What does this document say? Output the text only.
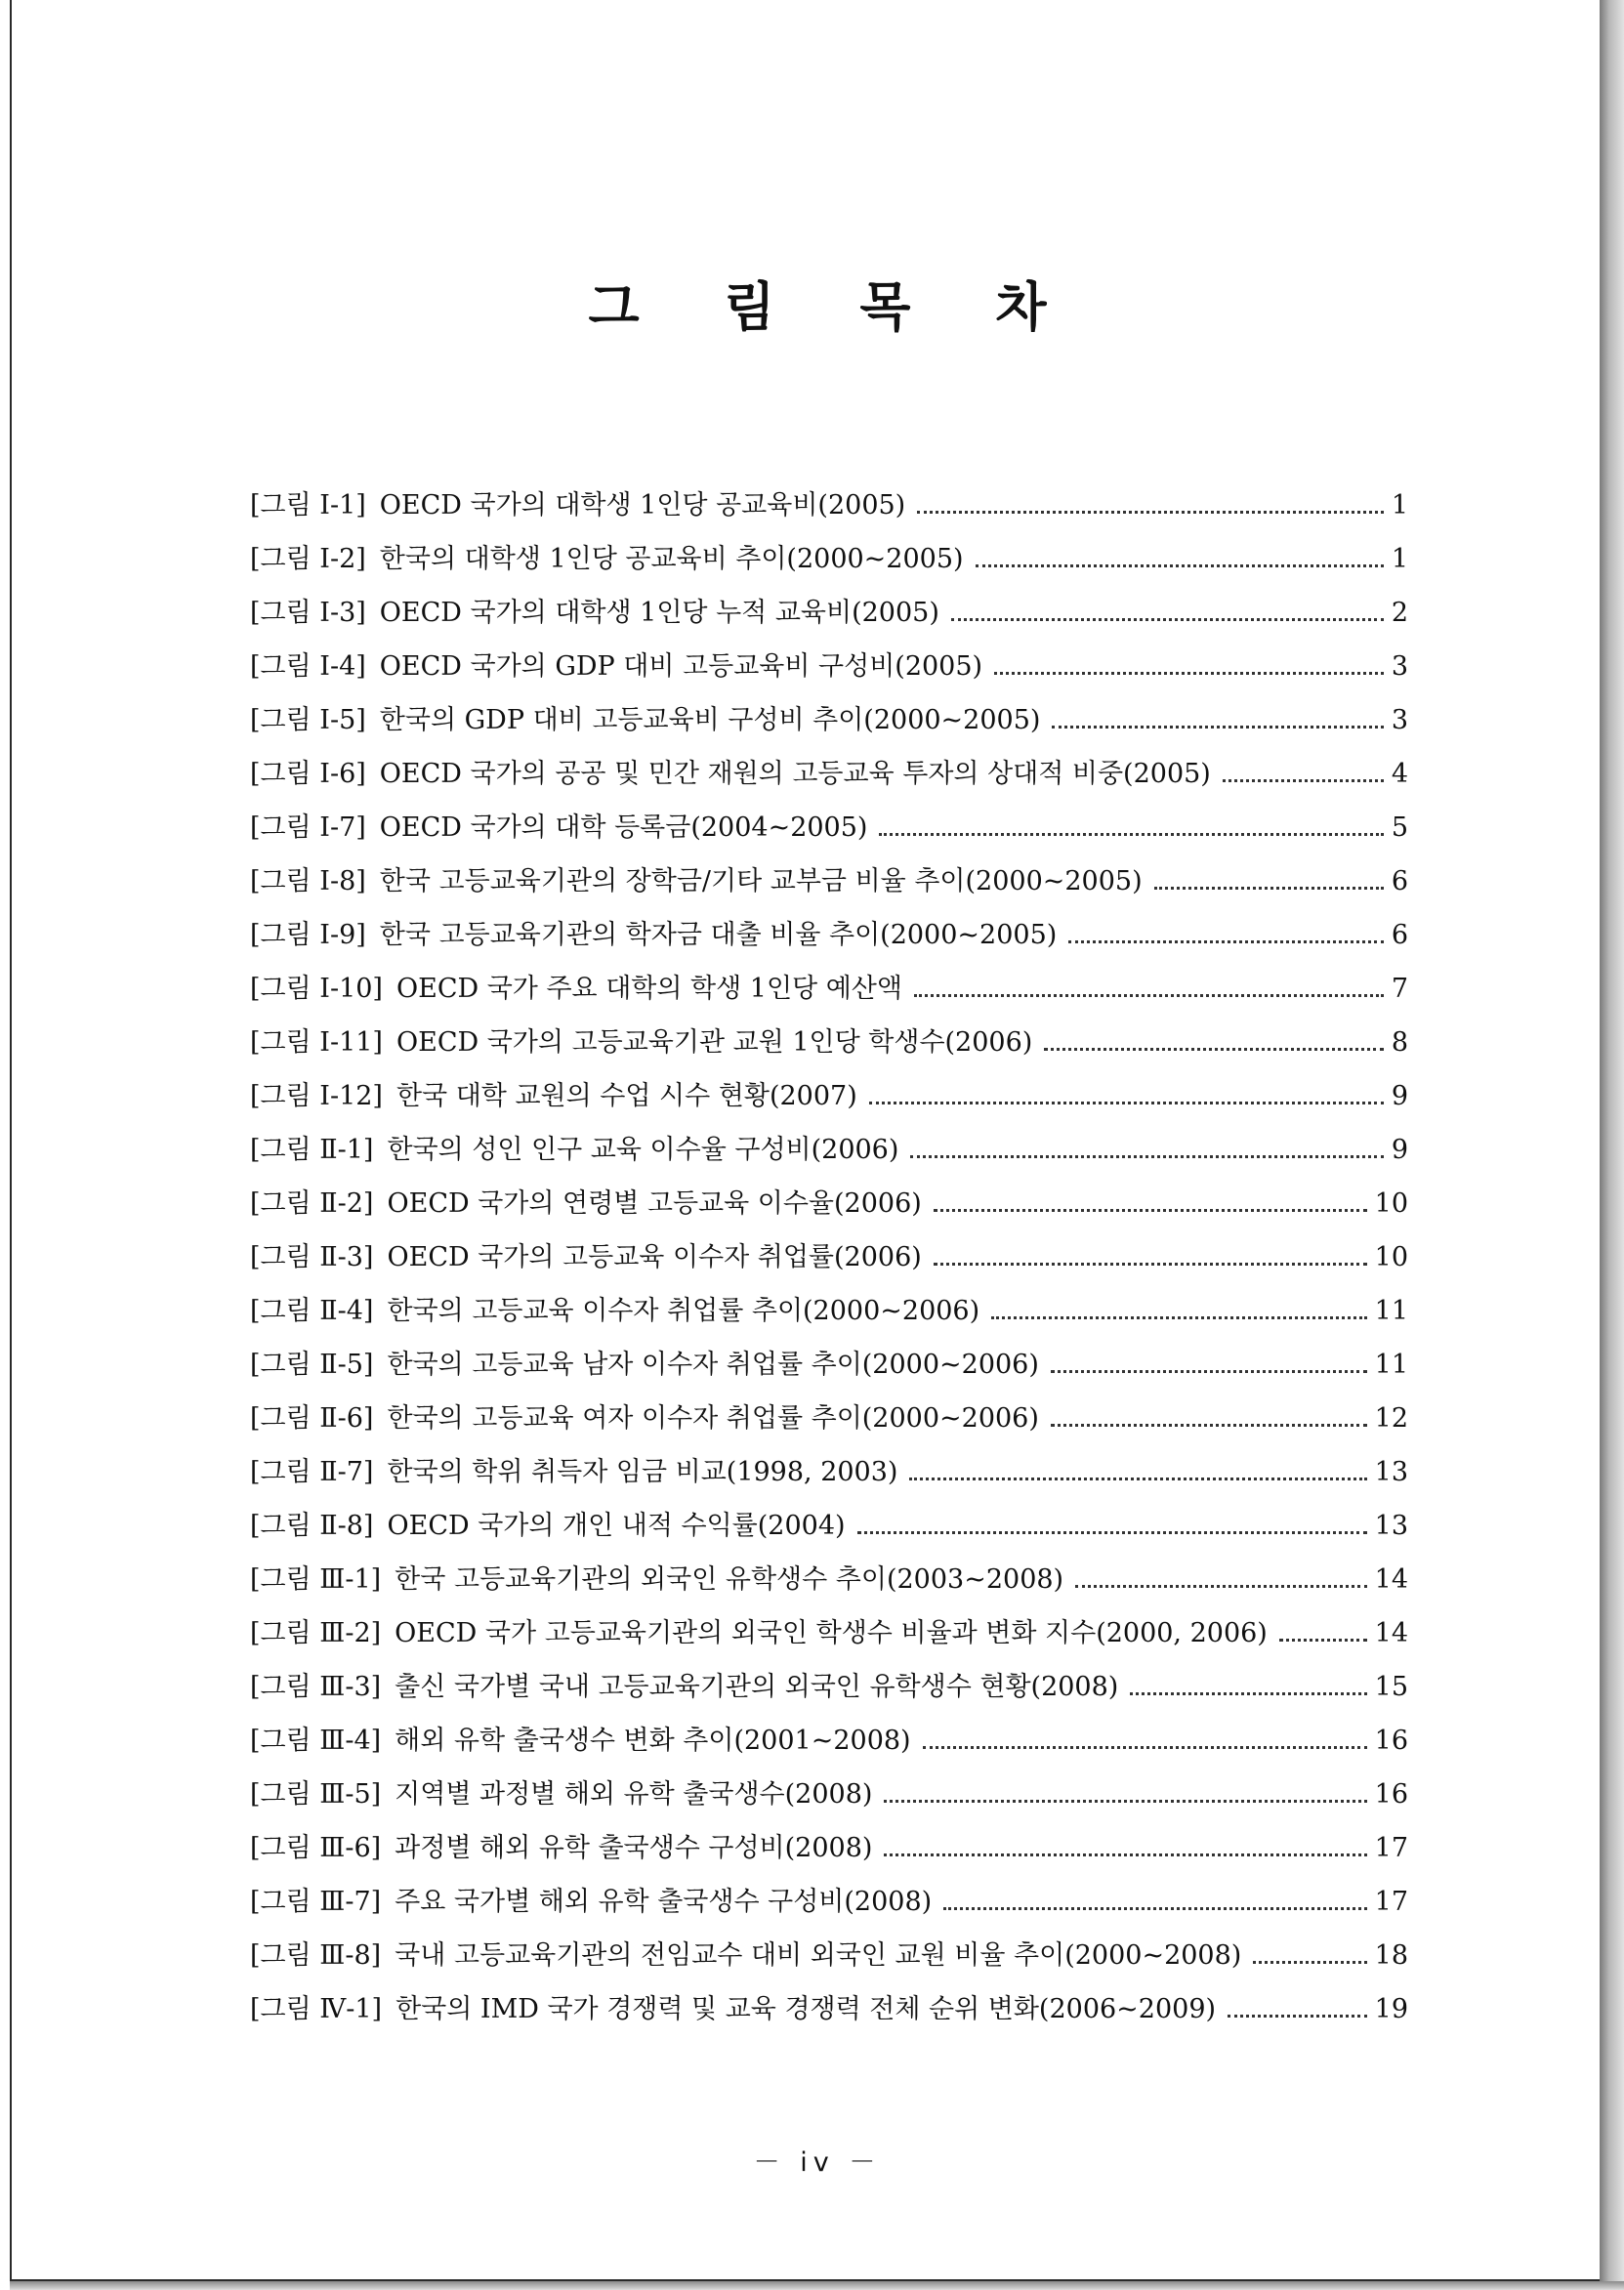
그 림 목 차
[그림 Ⅰ-1] OECD 국가의 대학생 1인당 공교육비(2005)	1
[그림 Ⅰ-2] 한국의 대학생 1인당 공교육비 추이(2000~2005)	1
[그림 Ⅰ-3] OECD 국가의 대학생 1인당 누적 교육비(2005)	2
[그림 Ⅰ-4] OECD 국가의 GDP 대비 고등교육비 구성비(2005)	3
[그림 Ⅰ-5] 한국의 GDP 대비 고등교육비 구성비 추이(2000~2005)	3
[그림 Ⅰ-6] OECD 국가의 공공 및 민간 재원의 고등교육 투자의 상대적 비중(2005)	4
[그림 Ⅰ-7] OECD 국가의 대학 등록금(2004~2005)	5
[그림 Ⅰ-8] 한국 고등교육기관의 장학금/기타 교부금 비율 추이(2000~2005)	6
[그림 Ⅰ-9] 한국 고등교육기관의 학자금 대출 비율 추이(2000~2005)	6
[그림 Ⅰ-10] OECD 국가 주요 대학의 학생 1인당 예산액	7
[그림 Ⅰ-11] OECD 국가의 고등교육기관 교원 1인당 학생수(2006)	8
[그림 Ⅰ-12] 한국 대학 교원의 수업 시수 현황(2007)	9
[그림 Ⅱ-1] 한국의 성인 인구 교육 이수율 구성비(2006)	9
[그림 Ⅱ-2] OECD 국가의 연령별 고등교육 이수율(2006)	10
[그림 Ⅱ-3] OECD 국가의 고등교육 이수자 취업률(2006)	10
[그림 Ⅱ-4] 한국의 고등교육 이수자 취업률 추이(2000~2006)	11
[그림 Ⅱ-5] 한국의 고등교육 남자 이수자 취업률 추이(2000~2006)	11
[그림 Ⅱ-6] 한국의 고등교육 여자 이수자 취업률 추이(2000~2006)	12
[그림 Ⅱ-7] 한국의 학위 취득자 임금 비교(1998, 2003)	13
[그림 Ⅱ-8] OECD 국가의 개인 내적 수익률(2004)	13
[그림 Ⅲ-1] 한국 고등교육기관의 외국인 유학생수 추이(2003~2008)	14
[그림 Ⅲ-2] OECD 국가 고등교육기관의 외국인 학생수 비율과 변화 지수(2000, 2006)	14
[그림 Ⅲ-3] 출신 국가별 국내 고등교육기관의 외국인 유학생수 현황(2008)	15
[그림 Ⅲ-4] 해외 유학 출국생수 변화 추이(2001~2008)	16
[그림 Ⅲ-5] 지역별 과정별 해외 유학 출국생수(2008)	16
[그림 Ⅲ-6] 과정별 해외 유학 출국생수 구성비(2008)	17
[그림 Ⅲ-7] 주요 국가별 해외 유학 출국생수 구성비(2008)	17
[그림 Ⅲ-8] 국내 고등교육기관의 전임교수 대비 외국인 교원 비율 추이(2000~2008)	18
[그림 Ⅳ-1] 한국의 IMD 국가 경쟁력 및 교육 경쟁력 전체 순위 변화(2006~2009)	19
－ iv －
